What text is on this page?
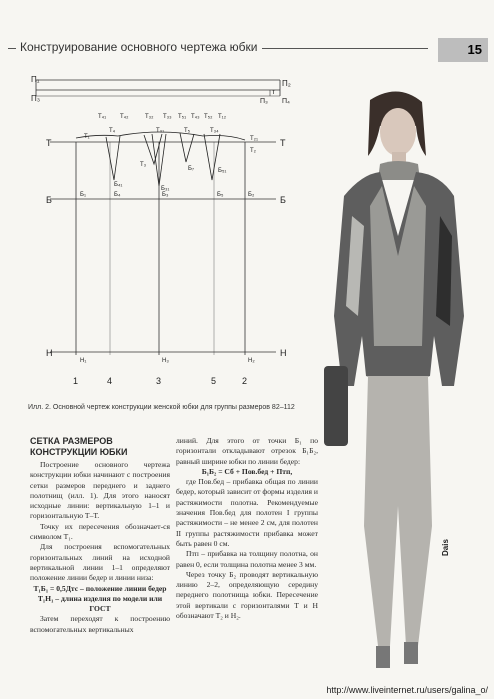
Конструирование основного чертежа юбки	15
П₁	П₂
П₃
т
П₃ П₄
Т	Т
Т₁
Т₄₁ Т₄₂
Т₄
Т₃₂ Т₃₃
Т₃₁
Т₃
Т₅₁ Т₄₃ Т₅₂ Т₁₂
Т₅	Т₃₄
Т₂₁
Т₂
Б₄₁
Б₃₁
Б₇	Б₅₁
Б	Б
Б₁	Б₄	Б₃	Б₅	Б₂
Н	Н
Н₁	Н₃	Н₂
1	4	3	5	2
Илл. 2. Основной чертеж конструкции женской юбки для группы размеров 82–112
Dais
СЕТКА РАЗМЕРОВ КОНСТРУКЦИИ ЮБКИ

Построение основного чертежа конструкции юбки начинают с построения сетки размеров переднего и заднего полотнищ (илл. 1). Для этого наносят исходные линии: вертикальную 1–1 и горизонтальную Т–Т.

Точку их пересечения обозначает-ся символом Т₁.

Для построения вспомогательных горизонтальных линий на исходной вертикальной линии 1–1 определяют положение линии бедер и линии низа:

Т₁Б₁ = 0,5Дтс – положение линии бедер

Т₁Н₁ – длина изделия по модели или ГОСТ

Затем переходят к построению вспомогательных вертикальных

линий. Для этого от точки Б₁ по горизонтали откладывают отрезок Б₁Б₂, равный ширине юбки по линии бедер:

Б₁Б₂ = Сб + Пов.бед + Птп,

где Пов.бед – прибавка общая по линии бедер, который зависит от формы изделия и растяжимости полотна. Рекомендуемые значения Пов.бед для полотен I группы растяжимости – не менее 2 см, для полотен II группы растяжимости прибавка может быть равен 0 см.

Птп – прибавка на толщину полотна, он равен 0, если толщина полотна менее 3 мм.

Через точку Б₂ проводят вертикальную линию 2–2, определяющую середину переднего полотнища юбки. Пересечение этой вертикали с горизонталями Т и Н обозначают Т₂ и Н₂.

http://www.liveinternet.ru/users/galina_o/
